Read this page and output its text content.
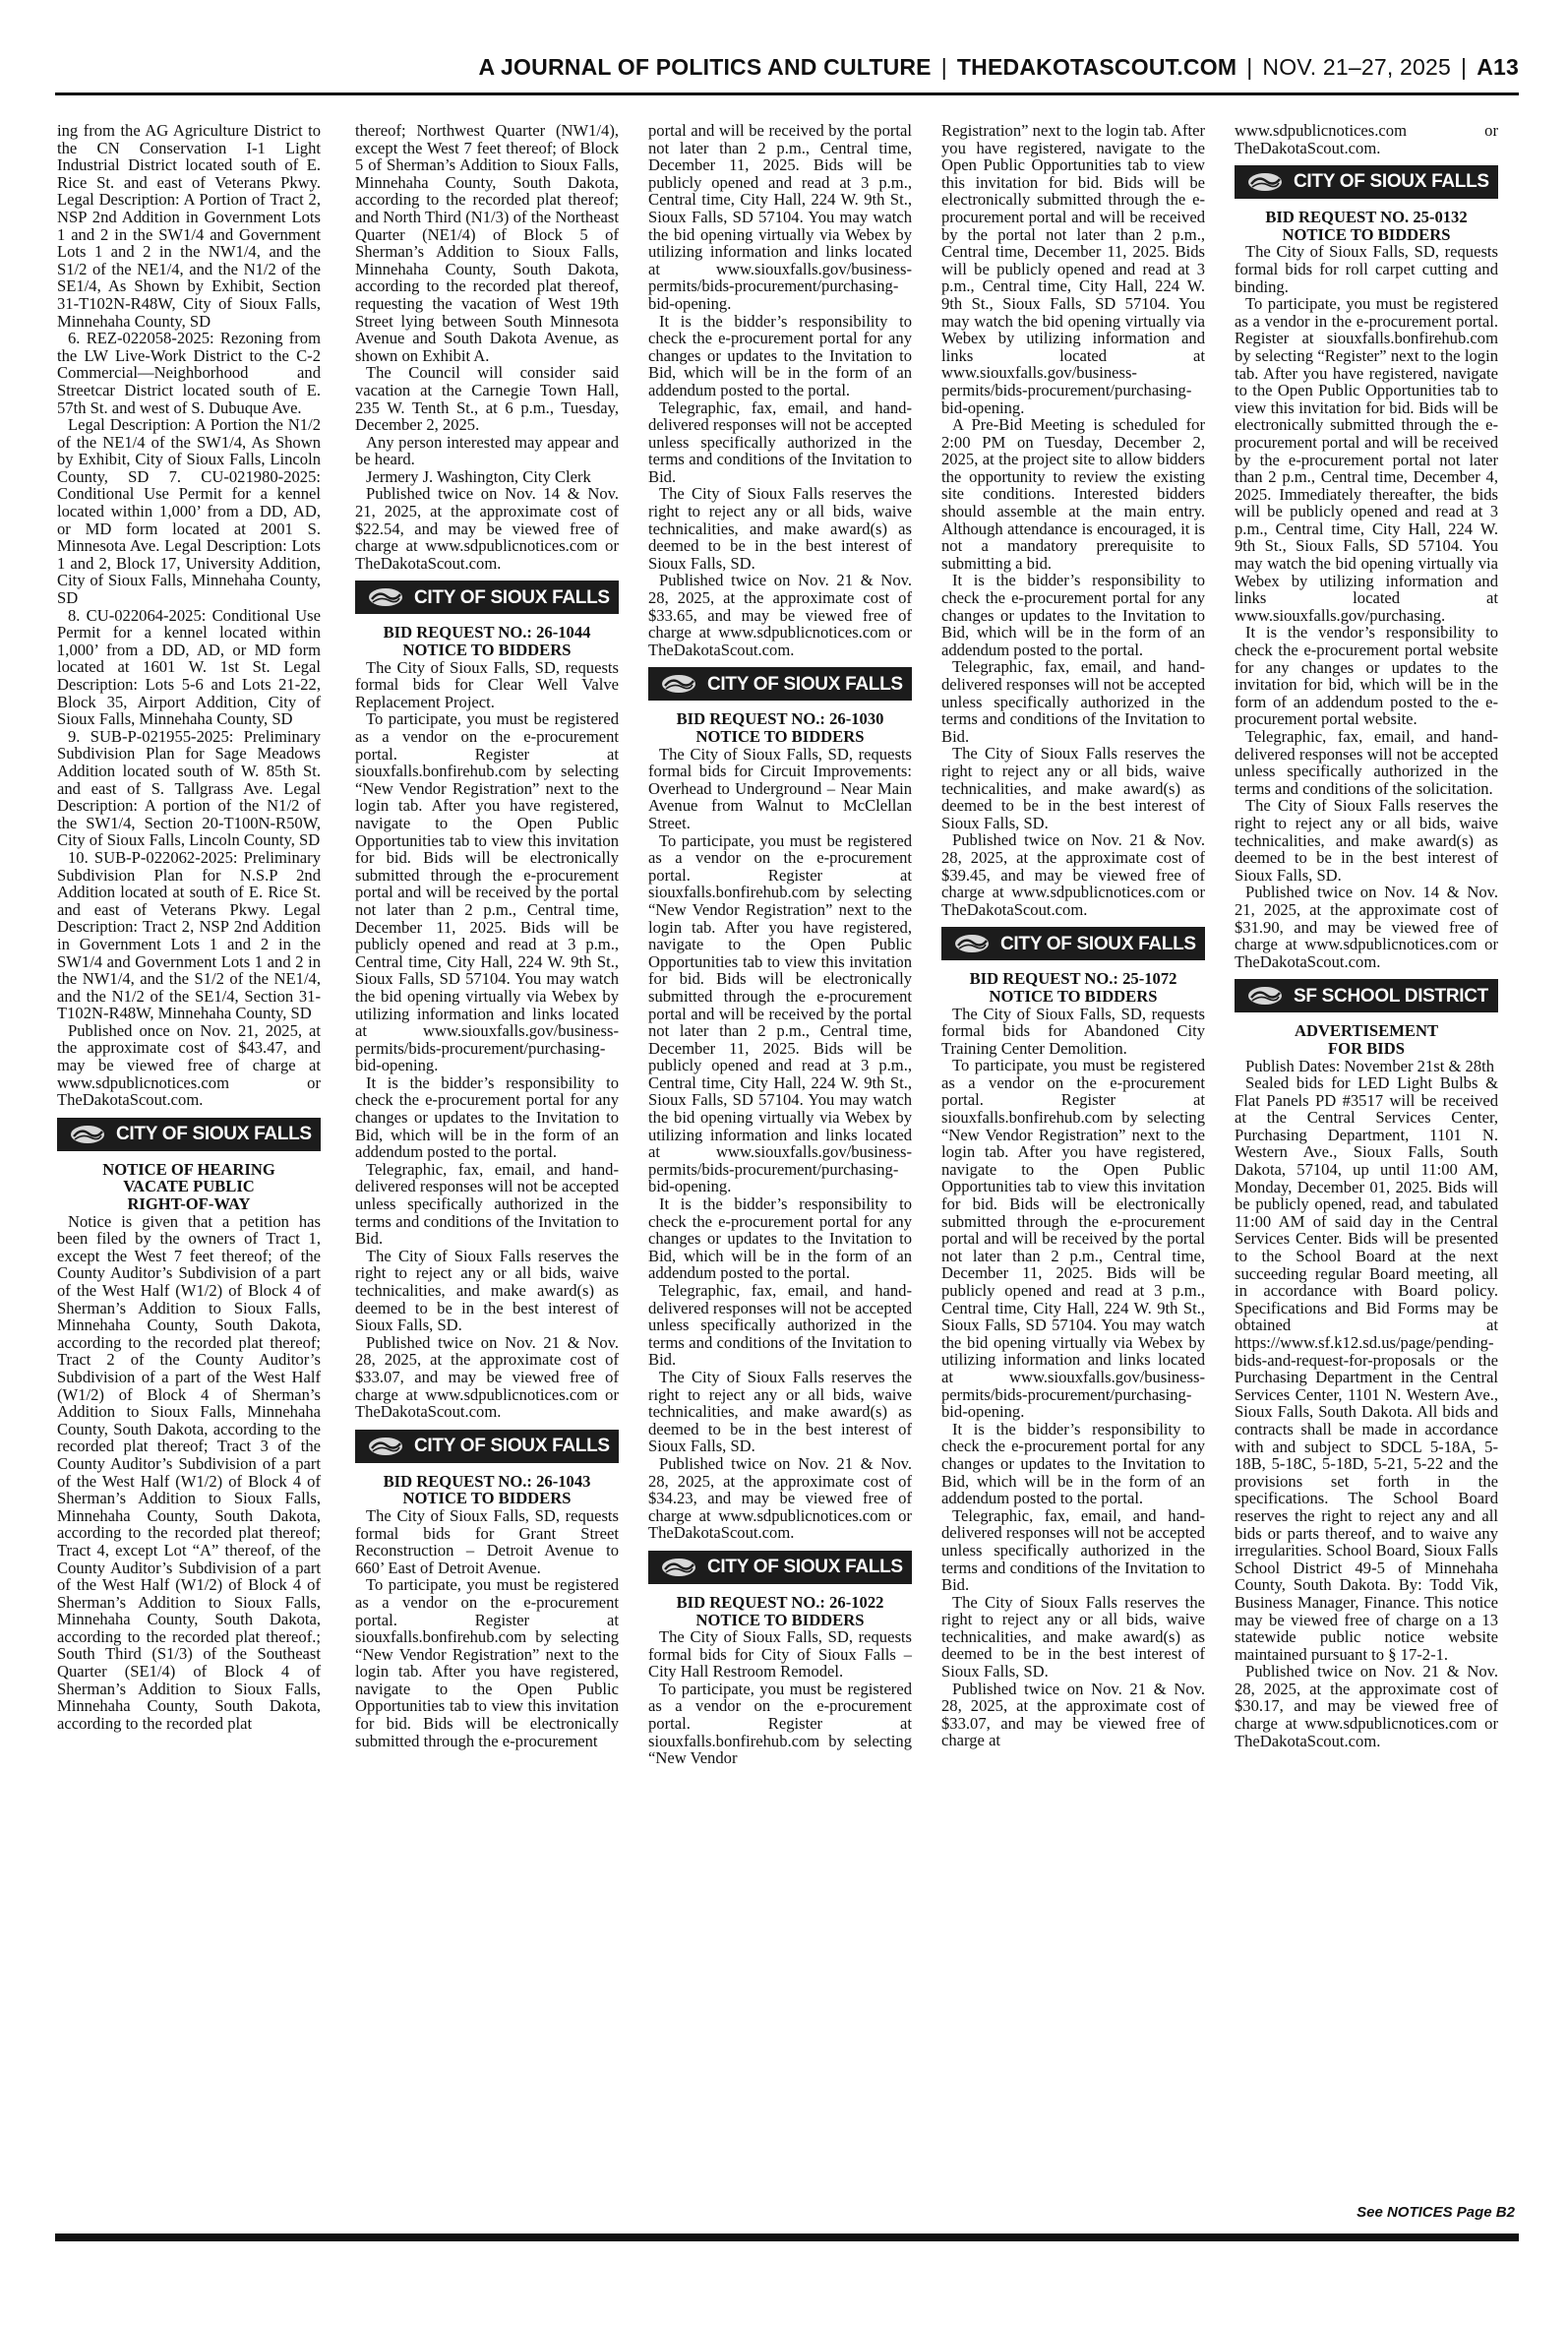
A JOURNAL OF POLITICS AND CULTURE | THEDAKOTASCOUT.COM | NOV. 21–27, 2025 | A13

ing from the AG Agriculture District to the CN Conservation I-1 Light Industrial District located south of E. Rice St. and east of Veterans Pkwy. Legal Description: A Portion of Tract 2, NSP 2nd Addition in Government Lots 1 and 2 in the SW1/4 and Government Lots 1 and 2 in the NW1/4, and the S1/2 of the NE1/4, and the N1/2 of the SE1/4, As Shown by Exhibit, Section 31-T102N-R48W, City of Sioux Falls, Minnehaha County, SD

6. REZ-022058-2025: Rezoning from the LW Live-Work District to the C-2 Commercial—Neighborhood and Streetcar District located south of E. 57th St. and west of S. Dubuque Ave.

Legal Description: A Portion the N1/2 of the NE1/4 of the SW1/4, As Shown by Exhibit, City of Sioux Falls, Lincoln County, SD 7. CU-021980-2025: Conditional Use Permit for a kennel located within 1,000’ from a DD, AD, or MD form located at 2001 S. Minnesota Ave. Legal Description: Lots 1 and 2, Block 17, University Addition, City of Sioux Falls, Minnehaha County, SD

8. CU-022064-2025: Conditional Use Permit for a kennel located within 1,000’ from a DD, AD, or MD form located at 1601 W. 1st St. Legal Description: Lots 5-6 and Lots 21-22, Block 35, Airport Addition, City of Sioux Falls, Minnehaha County, SD

9. SUB-P-021955-2025: Preliminary Subdivision Plan for Sage Meadows Addition located south of W. 85th St. and east of S. Tallgrass Ave. Legal Description: A portion of the N1/2 of the SW1/4, Section 20-T100N-R50W, City of Sioux Falls, Lincoln County, SD

10. SUB-P-022062-2025: Preliminary Subdivision Plan for N.S.P 2nd Addition located at south of E. Rice St. and east of Veterans Pkwy. Legal Description: Tract 2, NSP 2nd Addition in Government Lots 1 and 2 in the SW1/4 and Government Lots 1 and 2 in the NW1/4, and the S1/2 of the NE1/4, and the N1/2 of the SE1/4, Section 31-T102N-R48W, Minnehaha County, SD

Published once on Nov. 21, 2025, at the approximate cost of $43.47, and may be viewed free of charge at www.sdpublicnotices.com or TheDakotaScout.com.

CITY OF SIOUX FALLS
NOTICE OF HEARING
VACATE PUBLIC
RIGHT-OF-WAY

Notice is given that a petition has been filed by the owners of Tract 1, except the West 7 feet thereof; of the County Auditor’s Subdivision of a part of the West Half (W1/2) of Block 4 of Sherman’s Addition to Sioux Falls, Minnehaha County, South Dakota, according to the recorded plat thereof; Tract 2 of the County Auditor’s Subdivision of a part of the West Half (W1/2) of Block 4 of Sherman’s Addition to Sioux Falls, Minnehaha County, South Dakota, according to the recorded plat thereof; Tract 3 of the County Auditor’s Subdivision of a part of the West Half (W1/2) of Block 4 of Sherman’s Addition to Sioux Falls, Minnehaha County, South Dakota, according to the recorded plat thereof; Tract 4, except Lot “A” thereof, of the County Auditor’s Subdivision of a part of the West Half (W1/2) of Block 4 of Sherman’s Addition to Sioux Falls, Minnehaha County, South Dakota, according to the recorded plat thereof.; South Third (S1/3) of the Southeast Quarter (SE1/4) of Block 4 of Sherman’s Addition to Sioux Falls, Minnehaha County, South Dakota, according to the recorded plat

thereof; Northwest Quarter (NW1/4), except the West 7 feet thereof; of Block 5 of Sherman’s Addition to Sioux Falls, Minnehaha County, South Dakota, according to the recorded plat thereof; and North Third (N1/3) of the Northeast Quarter (NE1/4) of Block 5 of Sherman’s Addition to Sioux Falls, Minnehaha County, South Dakota, according to the recorded plat thereof, requesting the vacation of West 19th Street lying between South Minnesota Avenue and South Dakota Avenue, as shown on Exhibit A.

The Council will consider said vacation at the Carnegie Town Hall, 235 W. Tenth St., at 6 p.m., Tuesday, December 2, 2025.

Any person interested may appear and be heard.

Jermery J. Washington, City Clerk

Published twice on Nov. 14 & Nov. 21, 2025, at the approximate cost of $22.54, and may be viewed free of charge at www.sdpublicnotices.com or TheDakotaScout.com.

CITY OF SIOUX FALLS
BID REQUEST NO.: 26-1044
NOTICE TO BIDDERS

The City of Sioux Falls, SD, requests formal bids for Clear Well Valve Replacement Project.

To participate, you must be registered as a vendor on the e-procurement portal. Register at siouxfalls.bonfirehub.com by selecting “New Vendor Registration” next to the login tab. After you have registered, navigate to the Open Public Opportunities tab to view this invitation for bid. Bids will be electronically submitted through the e-procurement portal and will be received by the portal not later than 2 p.m., Central time, December 11, 2025. Bids will be publicly opened and read at 3 p.m., Central time, City Hall, 224 W. 9th St., Sioux Falls, SD 57104. You may watch the bid opening virtually via Webex by utilizing information and links located at www.siouxfalls.gov/business-permits/bids-procurement/purchasing-bid-opening.

It is the bidder’s responsibility to check the e-procurement portal for any changes or updates to the Invitation to Bid, which will be in the form of an addendum posted to the portal.

Telegraphic, fax, email, and hand-delivered responses will not be accepted unless specifically authorized in the terms and conditions of the Invitation to Bid.

The City of Sioux Falls reserves the right to reject any or all bids, waive technicalities, and make award(s) as deemed to be in the best interest of Sioux Falls, SD.

Published twice on Nov. 21 & Nov. 28, 2025, at the approximate cost of $33.07, and may be viewed free of charge at www.sdpublicnotices.com or TheDakotaScout.com.

CITY OF SIOUX FALLS
BID REQUEST NO.: 26-1043
NOTICE TO BIDDERS

The City of Sioux Falls, SD, requests formal bids for Grant Street Reconstruction – Detroit Avenue to 660’ East of Detroit Avenue.

To participate, you must be registered as a vendor on the e-procurement portal. Register at siouxfalls.bonfirehub.com by selecting “New Vendor Registration” next to the login tab. After you have registered, navigate to the Open Public Opportunities tab to view this invitation for bid. Bids will be electronically submitted through the e-procurement

portal and will be received by the portal not later than 2 p.m., Central time, December 11, 2025. Bids will be publicly opened and read at 3 p.m., Central time, City Hall, 224 W. 9th St., Sioux Falls, SD 57104. You may watch the bid opening virtually via Webex by utilizing information and links located at www.siouxfalls.gov/business-permits/bids-procurement/purchasing-bid-opening.

It is the bidder’s responsibility to check the e-procurement portal for any changes or updates to the Invitation to Bid, which will be in the form of an addendum posted to the portal.

Telegraphic, fax, email, and hand-delivered responses will not be accepted unless specifically authorized in the terms and conditions of the Invitation to Bid.

The City of Sioux Falls reserves the right to reject any or all bids, waive technicalities, and make award(s) as deemed to be in the best interest of Sioux Falls, SD.

Published twice on Nov. 21 & Nov. 28, 2025, at the approximate cost of $33.65, and may be viewed free of charge at www.sdpublicnotices.com or TheDakotaScout.com.

CITY OF SIOUX FALLS
BID REQUEST NO.: 26-1030
NOTICE TO BIDDERS

The City of Sioux Falls, SD, requests formal bids for Circuit Improvements: Overhead to Underground – Near Main Avenue from Walnut to McClellan Street.

To participate, you must be registered as a vendor on the e-procurement portal. Register at siouxfalls.bonfirehub.com by selecting “New Vendor Registration” next to the login tab. After you have registered, navigate to the Open Public Opportunities tab to view this invitation for bid. Bids will be electronically submitted through the e-procurement portal and will be received by the portal not later than 2 p.m., Central time, December 11, 2025. Bids will be publicly opened and read at 3 p.m., Central time, City Hall, 224 W. 9th St., Sioux Falls, SD 57104. You may watch the bid opening virtually via Webex by utilizing information and links located at www.siouxfalls.gov/business-permits/bids-procurement/purchasing-bid-opening.

It is the bidder’s responsibility to check the e-procurement portal for any changes or updates to the Invitation to Bid, which will be in the form of an addendum posted to the portal.

Telegraphic, fax, email, and hand-delivered responses will not be accepted unless specifically authorized in the terms and conditions of the Invitation to Bid.

The City of Sioux Falls reserves the right to reject any or all bids, waive technicalities, and make award(s) as deemed to be in the best interest of Sioux Falls, SD.

Published twice on Nov. 21 & Nov. 28, 2025, at the approximate cost of $34.23, and may be viewed free of charge at www.sdpublicnotices.com or TheDakotaScout.com.

CITY OF SIOUX FALLS
BID REQUEST NO.: 26-1022
NOTICE TO BIDDERS

The City of Sioux Falls, SD, requests formal bids for City of Sioux Falls – City Hall Restroom Remodel.

To participate, you must be registered as a vendor on the e-procurement portal. Register at siouxfalls.bonfirehub.com by selecting “New Vendor

Registration” next to the login tab. After you have registered, navigate to the Open Public Opportunities tab to view this invitation for bid. Bids will be electronically submitted through the e-procurement portal and will be received by the portal not later than 2 p.m., Central time, December 11, 2025. Bids will be publicly opened and read at 3 p.m., Central time, City Hall, 224 W. 9th St., Sioux Falls, SD 57104. You may watch the bid opening virtually via Webex by utilizing information and links located at www.siouxfalls.gov/business-permits/bids-procurement/purchasing-bid-opening.

A Pre-Bid Meeting is scheduled for 2:00 PM on Tuesday, December 2, 2025, at the project site to allow bidders the opportunity to review the existing site conditions. Interested bidders should assemble at the main entry. Although attendance is encouraged, it is not a mandatory prerequisite to submitting a bid.

It is the bidder’s responsibility to check the e-procurement portal for any changes or updates to the Invitation to Bid, which will be in the form of an addendum posted to the portal.

Telegraphic, fax, email, and hand-delivered responses will not be accepted unless specifically authorized in the terms and conditions of the Invitation to Bid.

The City of Sioux Falls reserves the right to reject any or all bids, waive technicalities, and make award(s) as deemed to be in the best interest of Sioux Falls, SD.

Published twice on Nov. 21 & Nov. 28, 2025, at the approximate cost of $39.45, and may be viewed free of charge at www.sdpublicnotices.com or TheDakotaScout.com.

CITY OF SIOUX FALLS
BID REQUEST NO.: 25-1072
NOTICE TO BIDDERS

The City of Sioux Falls, SD, requests formal bids for Abandoned City Training Center Demolition.

To participate, you must be registered as a vendor on the e-procurement portal. Register at siouxfalls.bonfirehub.com by selecting “New Vendor Registration” next to the login tab. After you have registered, navigate to the Open Public Opportunities tab to view this invitation for bid. Bids will be electronically submitted through the e-procurement portal and will be received by the portal not later than 2 p.m., Central time, December 11, 2025. Bids will be publicly opened and read at 3 p.m., Central time, City Hall, 224 W. 9th St., Sioux Falls, SD 57104. You may watch the bid opening virtually via Webex by utilizing information and links located at www.siouxfalls.gov/business-permits/bids-procurement/purchasing-bid-opening.

It is the bidder’s responsibility to check the e-procurement portal for any changes or updates to the Invitation to Bid, which will be in the form of an addendum posted to the portal.

Telegraphic, fax, email, and hand-delivered responses will not be accepted unless specifically authorized in the terms and conditions of the Invitation to Bid.

The City of Sioux Falls reserves the right to reject any or all bids, waive technicalities, and make award(s) as deemed to be in the best interest of Sioux Falls, SD.

Published twice on Nov. 21 & Nov. 28, 2025, at the approximate cost of $33.07, and may be viewed free of charge at

www.sdpublicnotices.com or TheDakotaScout.com.

CITY OF SIOUX FALLS
BID REQUEST NO. 25-0132
NOTICE TO BIDDERS

The City of Sioux Falls, SD, requests formal bids for roll carpet cutting and binding.

To participate, you must be registered as a vendor in the e-procurement portal. Register at siouxfalls.bonfirehub.com by selecting “Register” next to the login tab. After you have registered, navigate to the Open Public Opportunities tab to view this invitation for bid. Bids will be electronically submitted through the e-procurement portal and will be received by the e-procurement portal not later than 2 p.m., Central time, December 4, 2025. Immediately thereafter, the bids will be publicly opened and read at 3 p.m., Central time, City Hall, 224 W. 9th St., Sioux Falls, SD 57104. You may watch the bid opening virtually via Webex by utilizing information and links located at www.siouxfalls.gov/purchasing.

It is the vendor’s responsibility to check the e-procurement portal website for any changes or updates to the invitation for bid, which will be in the form of an addendum posted to the e-procurement portal website.

Telegraphic, fax, email, and hand-delivered responses will not be accepted unless specifically authorized in the terms and conditions of the solicitation.

The City of Sioux Falls reserves the right to reject any or all bids, waive technicalities, and make award(s) as deemed to be in the best interest of Sioux Falls, SD.

Published twice on Nov. 14 & Nov. 21, 2025, at the approximate cost of $31.90, and may be viewed free of charge at www.sdpublicnotices.com or TheDakotaScout.com.

SF SCHOOL DISTRICT
ADVERTISEMENT
FOR BIDS

Publish Dates: November 21st & 28th

Sealed bids for LED Light Bulbs & Flat Panels PD #3517 will be received at the Central Services Center, Purchasing Department, 1101 N. Western Ave., Sioux Falls, South Dakota, 57104, up until 11:00 AM, Monday, December 01, 2025. Bids will be publicly opened, read, and tabulated 11:00 AM of said day in the Central Services Center. Bids will be presented to the School Board at the next succeeding regular Board meeting, all in accordance with Board policy. Specifications and Bid Forms may be obtained at https://www.sf.k12.sd.us/page/pending-bids-and-request-for-proposals or the Purchasing Department in the Central Services Center, 1101 N. Western Ave., Sioux Falls, South Dakota. All bids and contracts shall be made in accordance with and subject to SDCL 5-18A, 5-18B, 5-18C, 5-18D, 5-21, 5-22 and the provisions set forth in the specifications. The School Board reserves the right to reject any and all bids or parts thereof, and to waive any irregularities. School Board, Sioux Falls School District 49-5 of Minnehaha County, South Dakota. By: Todd Vik, Business Manager, Finance. This notice may be viewed free of charge on a 13 statewide public notice website maintained pursuant to § 17-2-1.

Published twice on Nov. 21 & Nov. 28, 2025, at the approximate cost of $30.17, and may be viewed free of charge at www.sdpublicnotices.com or TheDakotaScout.com.

See NOTICES Page B2
